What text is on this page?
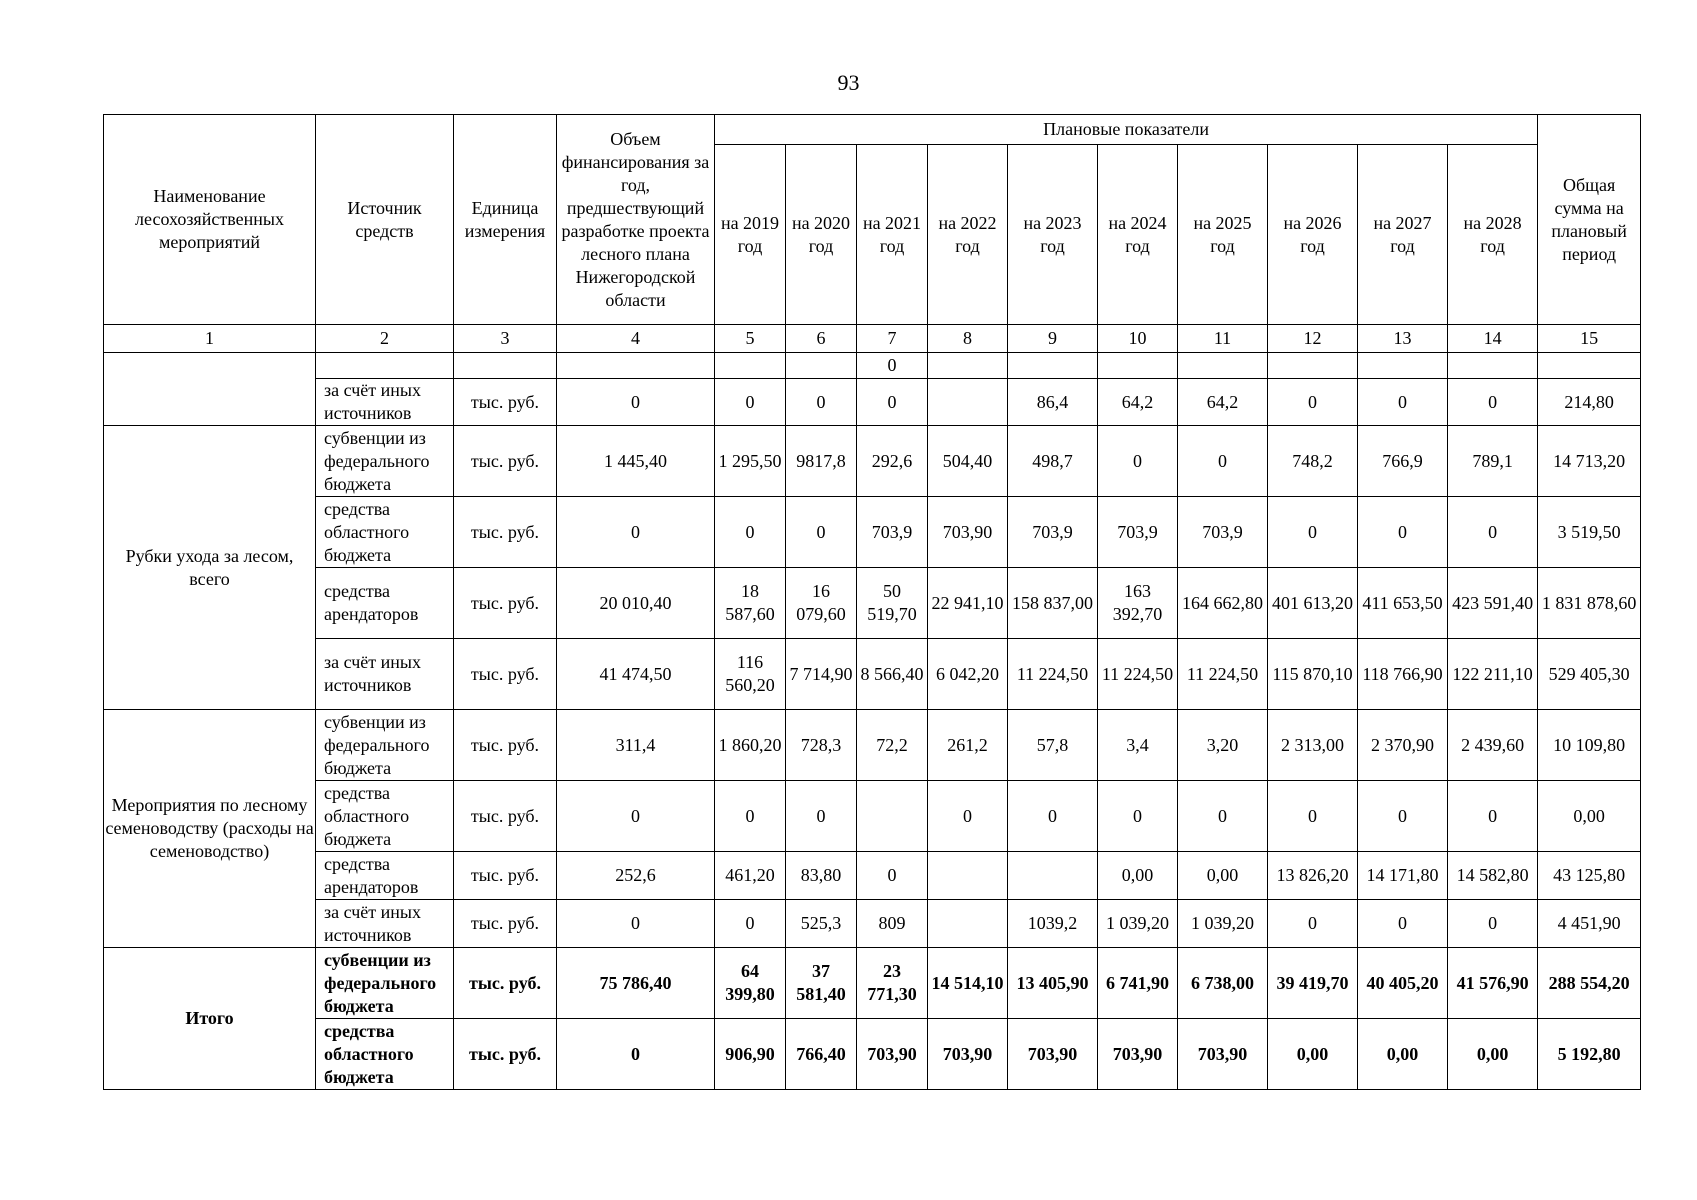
93
Наименование лесохозяйственных мероприятий	Источник средств	Единица измерения	Объем финансирования за год, предшествующий разработке проекта лесного плана Нижегородской области	Плановые показатели										Общая сумма на плановый период
				на 2019 год	на 2020 год	на 2021 год	на 2022 год	на 2023 год	на 2024 год	на 2025 год	на 2026 год	на 2027 год	на 2028 год	
1	2	3	4	5	6	7	8	9	10	11	12	13	14	15
						0								
	за счёт иных источников	тыс. руб.	0	0	0	0		86,4	64,2	64,2	0	0	0	214,80
Рубки ухода за лесом, всего	субвенции из федерального бюджета	тыс. руб.	1 445,40	1 295,50	9817,8	292,6	504,40	498,7	0	0	748,2	766,9	789,1	14 713,20
	средства областного бюджета	тыс. руб.	0	0	0	703,9	703,90	703,9	703,9	703,9	0	0	0	3 519,50
	средства арендаторов	тыс. руб.	20 010,40	18 587,60	16 079,60	50 519,70	22 941,10	158 837,00	163 392,70	164 662,80	401 613,20	411 653,50	423 591,40	1 831 878,60
	за счёт иных источников	тыс. руб.	41 474,50	116 560,20	7 714,90	8 566,40	6 042,20	11 224,50	11 224,50	11 224,50	115 870,10	118 766,90	122 211,10	529 405,30
Мероприятия по лесному семеноводству (расходы на семеноводство)	субвенции из федерального бюджета	тыс. руб.	311,4	1 860,20	728,3	72,2	261,2	57,8	3,4	3,20	2 313,00	2 370,90	2 439,60	10 109,80
	средства областного бюджета	тыс. руб.	0	0	0		0	0	0	0	0	0	0	0,00
	средства арендаторов	тыс. руб.	252,6	461,20	83,80	0			0,00	0,00	13 826,20	14 171,80	14 582,80	43 125,80
	за счёт иных источников	тыс. руб.	0	0	525,3	809		1039,2	1 039,20	1 039,20	0	0	0	4 451,90
Итого	субвенции из федерального бюджета	тыс. руб.	75 786,40	64 399,80	37 581,40	23 771,30	14 514,10	13 405,90	6 741,90	6 738,00	39 419,70	40 405,20	41 576,90	288 554,20
	средства областного бюджета	тыс. руб.	0	906,90	766,40	703,90	703,90	703,90	703,90	703,90	0,00	0,00	0,00	5 192,80
